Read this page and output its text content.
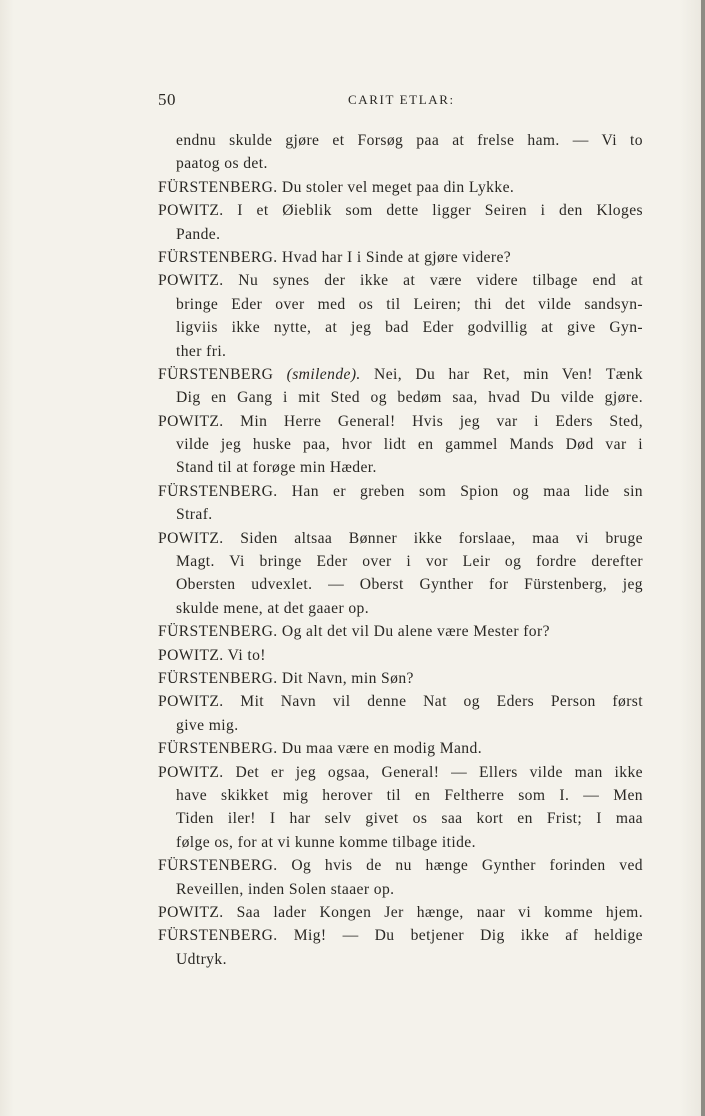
50	CARIT ETLAR:
endnu skulde gjøre et Forsøg paa at frelse ham. — Vi to
paatog os det.
FÜRSTENBERG. Du stoler vel meget paa din Lykke.
POWITZ. I et Øieblik som dette ligger Seiren i den Kloges
Pande.
FÜRSTENBERG. Hvad har I i Sinde at gjøre videre?
POWITZ. Nu synes der ikke at være videre tilbage end at
bringe Eder over med os til Leiren; thi det vilde sandsyn-
ligviis ikke nytte, at jeg bad Eder godvillig at give Gyn-
ther fri.
FÜRSTENBERG (smilende). Nei, Du har Ret, min Ven! Tænk
Dig en Gang i mit Sted og bedøm saa, hvad Du vilde gjøre.
POWITZ. Min Herre General! Hvis jeg var i Eders Sted,
vilde jeg huske paa, hvor lidt en gammel Mands Død var i
Stand til at forøge min Hæder.
FÜRSTENBERG. Han er greben som Spion og maa lide sin
Straf.
POWITZ. Siden altsaa Bønner ikke forslaae, maa vi bruge
Magt. Vi bringe Eder over i vor Leir og fordre derefter
Obersten udvexlet. — Oberst Gynther for Fürstenberg, jeg
skulde mene, at det gaaer op.
FÜRSTENBERG. Og alt det vil Du alene være Mester for?
POWITZ. Vi to!
FÜRSTENBERG. Dit Navn, min Søn?
POWITZ. Mit Navn vil denne Nat og Eders Person først
give mig.
FÜRSTENBERG. Du maa være en modig Mand.
POWITZ. Det er jeg ogsaa, General! — Ellers vilde man ikke
have skikket mig herover til en Feltherre som I. — Men
Tiden iler! I har selv givet os saa kort en Frist; I maa
følge os, for at vi kunne komme tilbage itide.
FÜRSTENBERG. Og hvis de nu hænge Gynther forinden ved
Reveillen, inden Solen staaer op.
POWITZ. Saa lader Kongen Jer hænge, naar vi komme hjem.
FÜRSTENBERG. Mig! — Du betjener Dig ikke af heldige
Udtryk.
